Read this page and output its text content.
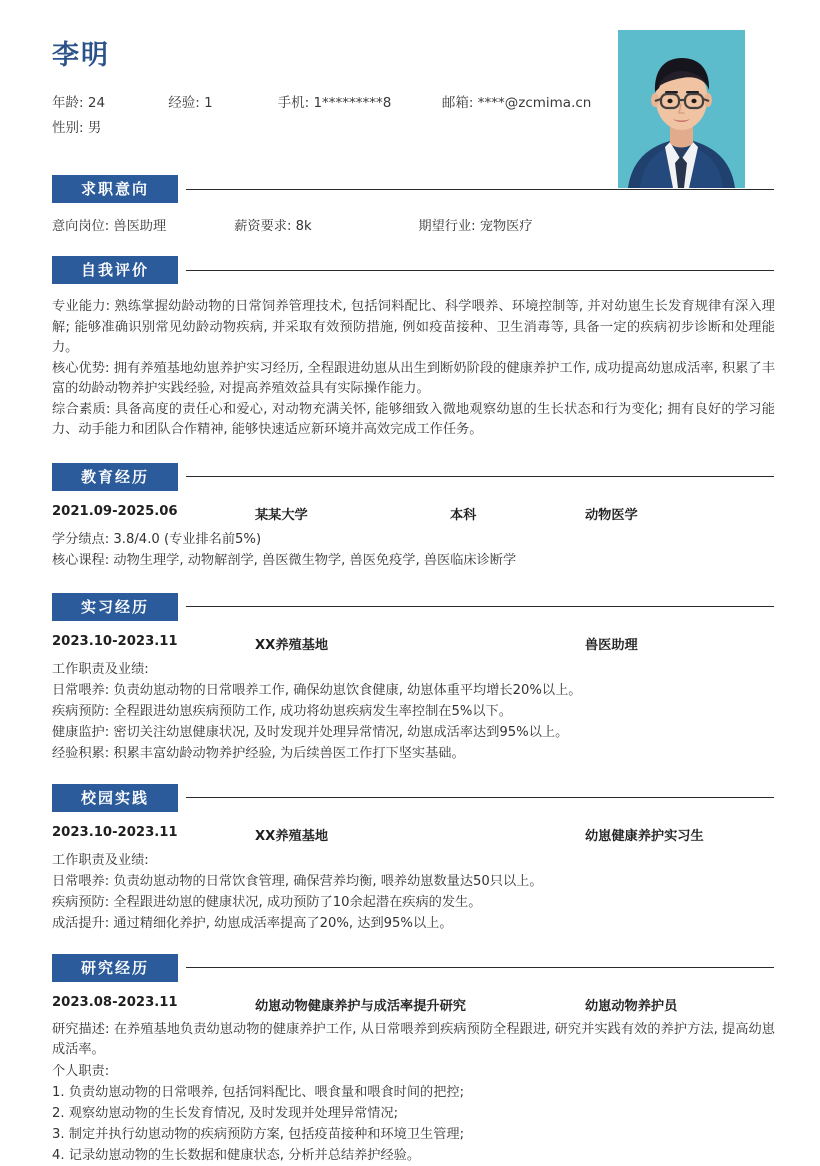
李明
年龄: 24	经验: 1	手机: 1*********8	邮箱: ****@zcmima.cn
性别: 男
求职意向
意向岗位: 兽医助理	薪资要求: 8k	期望行业: 宠物医疗
自我评价

专业能力: 熟练掌握幼龄动物的日常饲养管理技术, 包括饲料配比、科学喂养、环境控制等, 并对幼崽生长发育规律有深入理解; 能够准确识别常见幼龄动物疾病, 并采取有效预防措施, 例如疫苗接种、卫生消毒等, 具备一定的疾病初步诊断和处理能力。

核心优势: 拥有养殖基地幼崽养护实习经历, 全程跟进幼崽从出生到断奶阶段的健康养护工作, 成功提高幼崽成活率, 积累了丰富的幼龄动物养护实践经验, 对提高养殖效益具有实际操作能力。

综合素质: 具备高度的责任心和爱心, 对动物充满关怀, 能够细致入微地观察幼崽的生长状态和行为变化; 拥有良好的学习能力、动手能力和团队合作精神, 能够快速适应新环境并高效完成工作任务。

教育经历
2021.09-2025.06	某某大学	本科	动物医学
学分绩点: 3.8/4.0 (专业排名前5%)
核心课程: 动物生理学, 动物解剖学, 兽医微生物学, 兽医免疫学, 兽医临床诊断学
实习经历
2023.10-2023.11	XX养殖基地	兽医助理
工作职责及业绩:
日常喂养: 负责幼崽动物的日常喂养工作, 确保幼崽饮食健康, 幼崽体重平均增长20%以上。
疾病预防: 全程跟进幼崽疾病预防工作, 成功将幼崽疾病发生率控制在5%以下。
健康监护: 密切关注幼崽健康状况, 及时发现并处理异常情况, 幼崽成活率达到95%以上。
经验积累: 积累丰富幼龄动物养护经验, 为后续兽医工作打下坚实基础。
校园实践
2023.10-2023.11	XX养殖基地	幼崽健康养护实习生
工作职责及业绩:
日常喂养: 负责幼崽动物的日常饮食管理, 确保营养均衡, 喂养幼崽数量达50只以上。
疾病预防: 全程跟进幼崽的健康状况, 成功预防了10余起潜在疾病的发生。
成活提升: 通过精细化养护, 幼崽成活率提高了20%, 达到95%以上。
研究经历
2023.08-2023.11	幼崽动物健康养护与成活率提升研究	幼崽动物养护员
研究描述: 在养殖基地负责幼崽动物的健康养护工作, 从日常喂养到疾病预防全程跟进, 研究并实践有效的养护方法, 提高幼崽成活率。
个人职责:
1. 负责幼崽动物的日常喂养, 包括饲料配比、喂食量和喂食时间的把控;
2. 观察幼崽动物的生长发育情况, 及时发现并处理异常情况;
3. 制定并执行幼崽动物的疾病预防方案, 包括疫苗接种和环境卫生管理;
4. 记录幼崽动物的生长数据和健康状态, 分析并总结养护经验。
